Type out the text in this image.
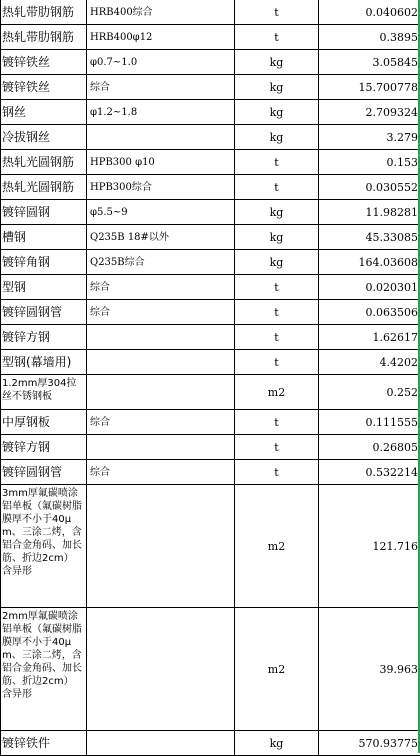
热轧带肋钢筋	HRB400综合	t	0.040602
热轧带肋钢筋	HRB400φ12	t	0.3895
镀锌铁丝	φ0.7~1.0	kg	3.05845
镀锌铁丝	综合	kg	15.700778
钢丝	φ1.2~1.8	kg	2.709324
冷拔钢丝		kg	3.279
热轧光圆钢筋	HPB300 φ10	t	0.153
热轧光圆钢筋	HPB300综合	t	0.030552
镀锌圆钢	φ5.5~9	kg	11.98281
槽钢	Q235B 18#以外	kg	45.33085
镀锌角钢	Q235B综合	kg	164.03608
型钢	综合	t	0.020301
镀锌圆钢管	综合	t	0.063506
镀锌方钢		t	1.62617
型钢(幕墙用)		t	4.4202
1.2mm厚304拉丝不锈钢板		m2	0.252
中厚钢板	综合	t	0.111555
镀锌方钢		t	0.26805
镀锌圆钢管	综合	t	0.532214
3mm厚氟碳喷涂铝单板（氟碳树脂膜厚不小于40μm、三涂二烤，含铝合金角码、加长筋、折边2cm）含异形		m2	121.716
2mm厚氟碳喷涂铝单板（氟碳树脂膜厚不小于40μm、三涂二烤，含铝合金角码、加长筋、折边2cm）含异形		m2	39.963
镀锌铁件		kg	570.93775
